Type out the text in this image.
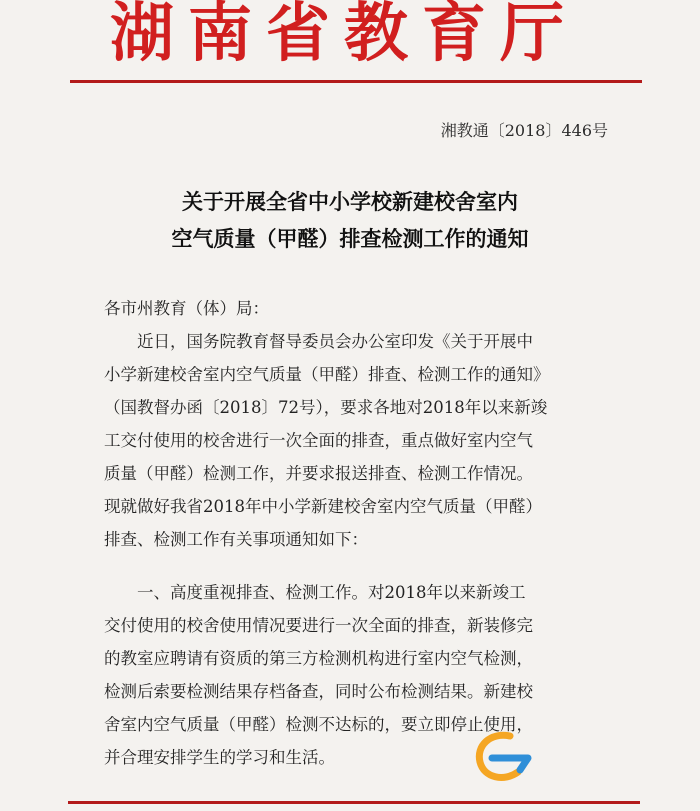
湖南省教育厅
湘教通〔2018〕446号
关于开展全省中小学校新建校舍室内
空气质量（甲醛）排查检测工作的通知
各市州教育（体）局：
　　近日，国务院教育督导委员会办公室印发《关于开展中
小学新建校舍室内空气质量（甲醛）排查、检测工作的通知》
（国教督办函〔2018〕72号），要求各地对2018年以来新竣
工交付使用的校舍进行一次全面的排查，重点做好室内空气
质量（甲醛）检测工作，并要求报送排查、检测工作情况。
现就做好我省2018年中小学新建校舍室内空气质量（甲醛）
排查、检测工作有关事项通知如下：
　　一、高度重视排查、检测工作。对2018年以来新竣工
交付使用的校舍使用情况要进行一次全面的排查，新装修完
的教室应聘请有资质的第三方检测机构进行室内空气检测，
检测后索要检测结果存档备查，同时公布检测结果。新建校
舍室内空气质量（甲醛）检测不达标的，要立即停止使用，
并合理安排学生的学习和生活。
